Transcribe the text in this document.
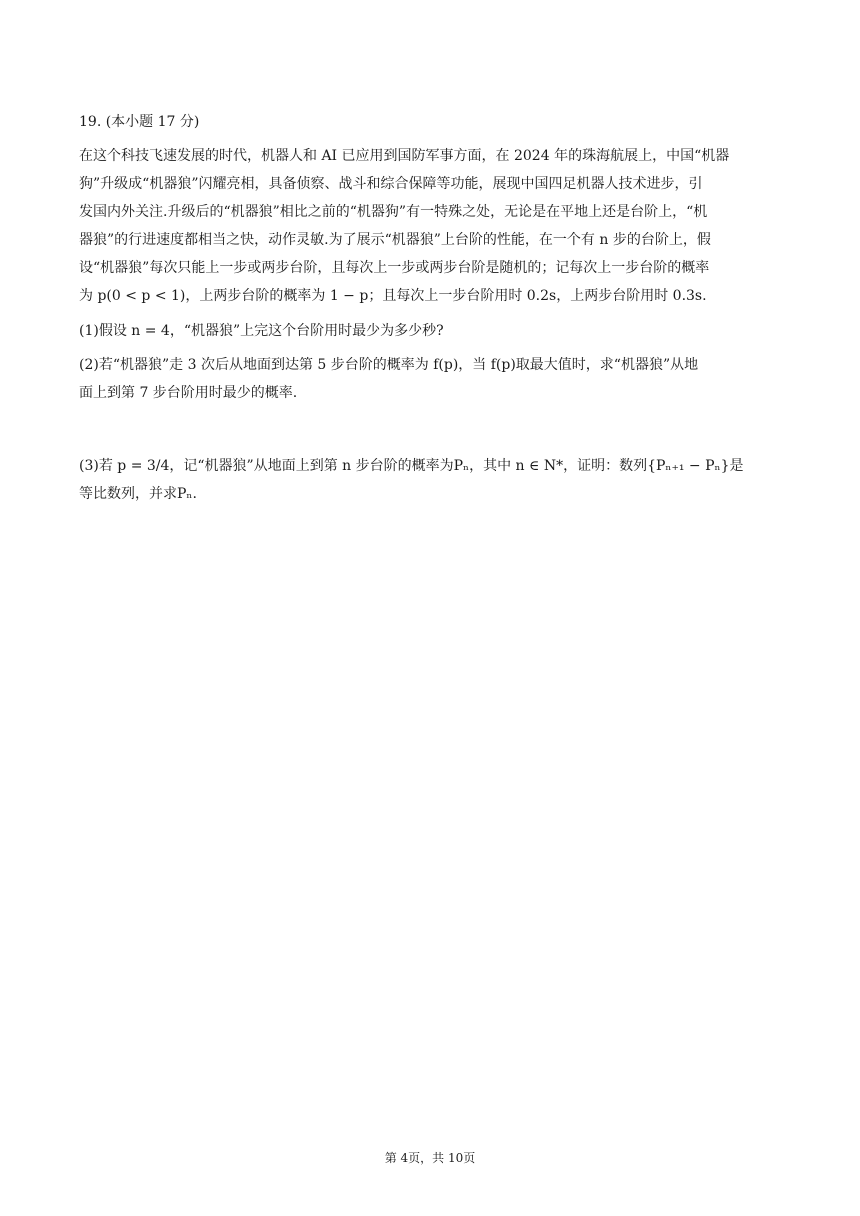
19. (本小题 17 分)
在这个科技飞速发展的时代，机器人和 AI 已应用到国防军事方面，在 2024 年的珠海航展上，中国“机器
狗”升级成“机器狼”闪耀亮相，具备侦察、战斗和综合保障等功能，展现中国四足机器人技术进步，引
发国内外关注.升级后的“机器狼”相比之前的“机器狗”有一特殊之处，无论是在平地上还是台阶上，“机
器狼”的行进速度都相当之快，动作灵敏.为了展示“机器狼”上台阶的性能，在一个有 n 步的台阶上，假
设“机器狼”每次只能上一步或两步台阶，且每次上一步或两步台阶是随机的；记每次上一步台阶的概率
为 p(0 < p < 1)，上两步台阶的概率为 1 − p；且每次上一步台阶用时 0.2s，上两步台阶用时 0.3s.
(1)假设 n = 4，“机器狼”上完这个台阶用时最少为多少秒?
(2)若“机器狼”走 3 次后从地面到达第 5 步台阶的概率为 f(p)，当 f(p)取最大值时，求“机器狼”从地
面上到第 7 步台阶用时最少的概率.
(3)若 p = 3/4，记“机器狼”从地面上到第 n 步台阶的概率为Pₙ，其中 n ∈ N*，证明：数列{Pₙ₊₁ − Pₙ}是
等比数列，并求Pₙ.
第 4页，共 10页
